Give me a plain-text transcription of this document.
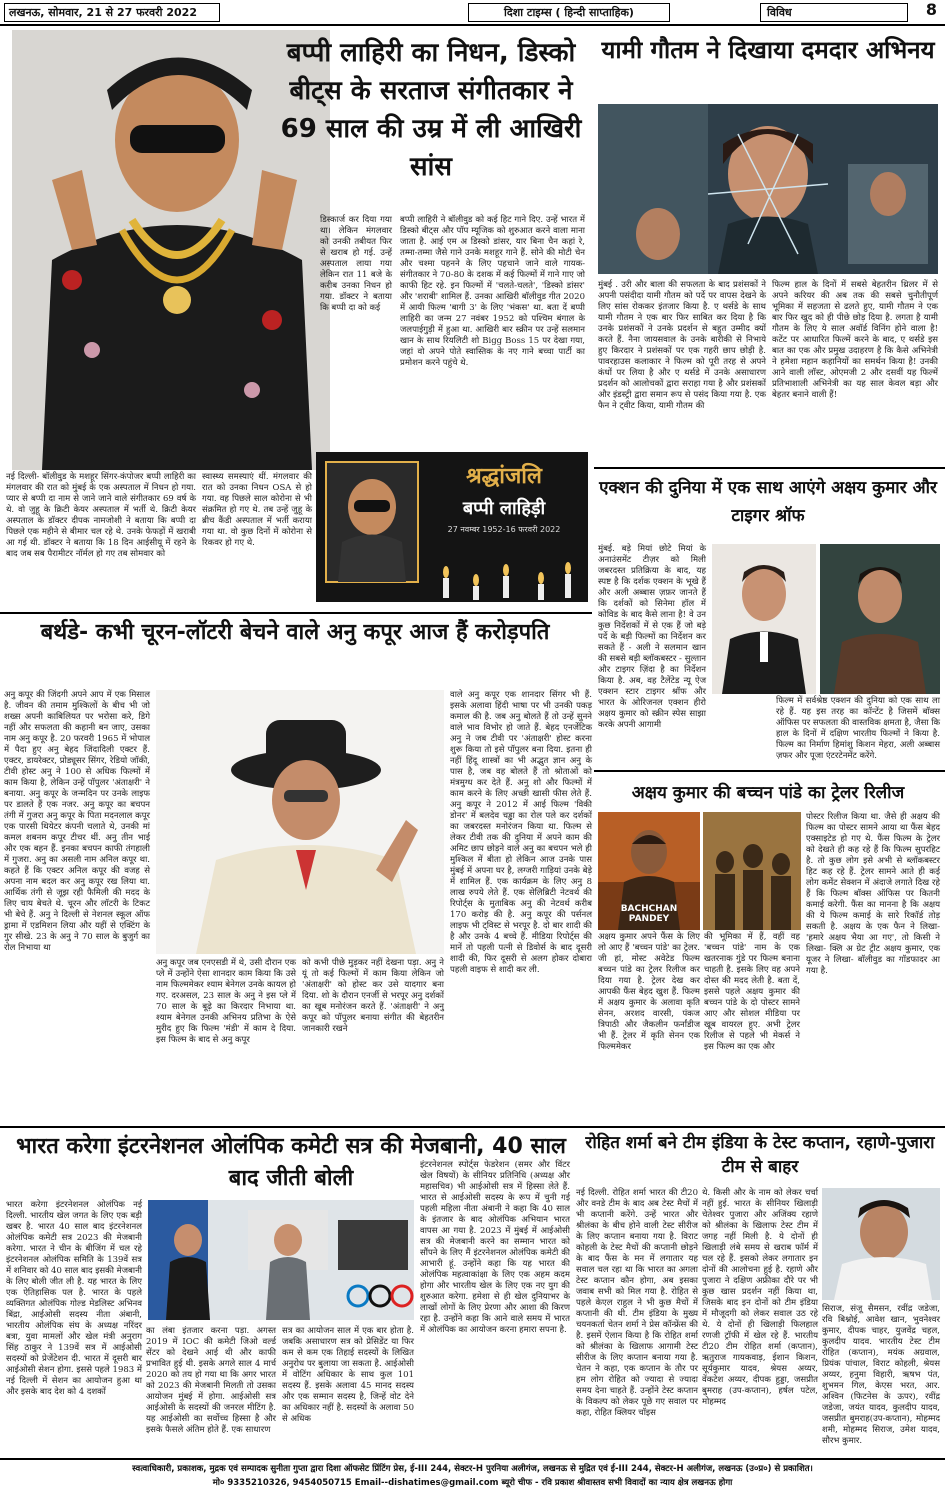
लखनऊ, सोमवार, 21 से 27 फरवरी 2022	दिशा टाइम्स ( हिन्दी साप्ताहिक)	विविध	8
बप्पी लाहिरी का निधन, डिस्को बीट्स के सरताज संगीतकार ने 69 साल की उम्र में ली आखिरी सांस
डिस्कार्ज कर दिया गया था। लेकिन मंगलवार को उनकी तबीयत फिर से खराब हो गई. उन्हें अस्पताल लाया गया लेकिन रात 11 बजे के करीब उनका निधन हो गया. डॉक्टर ने बताया कि बप्पी दा को कई
बप्पी लाहिरी ने बॉलीवुड को कई हिट गाने दिए. उन्हें भारत में डिस्को बीट्स और पॉप म्यूजिक को शुरुआत करने वाला माना जाता है. आई एम अ डिस्को डांसर, यार बिना चैन कहां रे, तम्मा-तम्मा जैसे गाने उनके मशहूर गाने हैं. सोने की मोटी चेन और चश्मा पहनने के लिए पहचाने जाने वाले गायक-संगीतकार ने 70-80 के दशक में कई फिल्मों में गाने गाए जो काफी हिट रहे. इन फिल्मों में 'चलते-चलते', 'डिस्को डांसर' और 'शराबी' शामिल हैं. उनका आखिरी बॉलीवुड गीत 2020 में आयी फिल्म 'बागी 3' के लिए 'भंकस' था. बता दें बप्पी लाहिरी का जन्म 27 नवंबर 1952 को पश्चिम बंगाल के जलपाईगुड़ी में हुआ था. आखिरी बार स्क्रीन पर उन्हें सलमान खान के साथ रियलिटी शो Bigg Boss 15 पर देखा गया, जहां वो अपने पोते स्वास्तिक के नए गाने बच्चा पार्टी का प्रमोशन करने पहुंचे थे.
श्रद्धांजलि
बप्पी लाहिड़ी
27 नवम्बर 1952-16 फरवरी 2022
नई दिल्ली- बॉलीवुड के मशहूर सिंगर-कंपोजर बप्पी लाहिरी का मंगलवार की रात को मुंबई के एक अस्पताल में निधन हो गया. प्यार से बप्पी दा नाम से जाने जाने वाले संगीतकार 69 वर्ष के थे. वो जुहू के क्रिटी केयर अस्पताल में भर्ती थे. क्रिटी केयर अस्पताल के डॉक्टर दीपक नामजोशी ने बताया कि बप्पी दा पिछले एक महीने से बीमार चल रहे थे. उनके फेफड़ों में खराबी आ गई थी. डॉक्टर ने बताया कि 18 दिन आईसीयू में रहने के बाद जब सब पैरामीटर नॉर्मल हो गए तब सोमवार को
स्वास्थ्य समस्याएं थीं. मंगलवार की रात को उनका निधन OSA से हो गया. वह पिछले साल कोरोना से भी संक्रमित हो गए थे. तब उन्हें जुहू के ब्रीच कैंडी अस्पताल में भर्ती कराया गया था. वो कुछ दिनों में कोरोना से रिकवर हो गए थे.
यामी गौतम ने दिखाया दमदार अभिनय
मुंबई . उरी और बाला की सफलता के बाद प्रशंसकों ने अपनी पसंदीदा यामी गौतम को पर्दे पर वापस देखने के लिए सांस रोककर इंतजार किया है. ए थर्सडे के साथ यामी गौतम ने एक बार फिर साबित कर दिया है कि उनके प्रशंसकों ने उनके प्रदर्शन से बहुत उम्मीद क्यों करते हैं. नैना जायसवाल के उनके बारीकी से निभाये हुए किरदार ने प्रशंसकों पर एक गहरी छाप छोड़ी है. पावरहाउस कलाकार ने फिल्म को पूरी तरह से अपने कंधों पर लिया है और ए थर्सडे में उनके असाधारण प्रदर्शन को आलोचकों द्वारा सराहा गया है और प्रशंसकों और इंडस्ट्री द्वारा समान रूप से पसंद किया गया है. एक फैन ने ट्वीट किया, यामी गौतम की
फिल्म हाल के दिनों में सबसे बेहतरीन थ्रिलर में से अपने करियर की अब तक की सबसे चुनौतीपूर्ण भूमिका में सहजता से ढलते हुए, यामी गौतम ने एक बार फिर खुद को ही पीछे छोड़ दिया है. लगता है यामी गौतम के लिए ये साल अवॉर्ड विनिंग होने वाला है! कटेंट पर आधारित फिल्में करने के बाद, ए थर्सडे इस बात का एक और प्रमुख उदाहरण है कि कैसे अभिनेत्री ने हमेशा महान कहानियों का समर्थन किया है! उनकी आने वाली लॉस्ट, ओएमजी 2 और दसवीं यह फिल्में प्रतिभाशाली अभिनेत्री का यह साल केवल बड़ा और बेहतर बनाने वाली हैं!
एक्शन की दुनिया में एक साथ आएंगे अक्षय कुमार और टाइगर श्रॉफ
मुंबई. बड़े मियां छोटे मियां के अनाउंसमेंट टीज़र को मिली जबरदस्त प्रतिक्रिया के बाद, यह स्पष्ट है कि दर्शक एक्शन के भूखे हैं और अली अब्बास ज़फ़र जानते हैं कि दर्शकों को सिनेमा हॉल में कोविड के बाद कैसे लाना है! वे उन कुछ निर्देशकों में से एक हैं जो बड़े पर्दे के बड़ी फिल्मों का निर्देशन कर सकते हैं - अली ने सलमान खान की सबसे बड़ी ब्लॉकबस्टर - सुल्तान और टाइगर ज़िंदा है का निर्देशन किया है. अब, वह टैलेंटेड न्यू ऐज एक्शन स्टार टाइगर श्रॉफ और भारत के ओरिजनल एक्शन हीरो अक्षय कुमार को स्क्रीन स्पेस साझा करके अपनी आगामी
फिल्म में सर्वश्रेष्ठ एक्शन की दुनिया को एक साथ ला रहे हैं. यह इस तरह का कॉन्टेंट है जिसमें बॉक्स ऑफिस पर सफलता की वास्तविक क्षमता है, जैसा कि हाल के दिनों में दक्षिण भारतीय फिल्मों ने किया है. फिल्म का निर्माण हिमांशु किशन मेहरा, अली अब्बास ज़फर और पूजा एंटरटेनमेंट करेंगे.
अक्षय कुमार की बच्चन पांडे का ट्रेलर रिलीज
BACHCHAN PANDEY
अक्षय कुमार अपने फैंस के लिए लो आए हैं 'बच्चन पांडे' का ट्रेलर. जी हां, मोस्ट अवेटेड फिल्म बच्चन पांडे का ट्रेलर रिलीज कर दिया गया है. ट्रेलर देख कर आपकी फैंस बेहद खुश हैं. फिल्म में अक्षय कुमार के अलावा कृति सेनन, अरशद वारसी, पंकज त्रिपाठी और जैकलीन फर्नांडीज भी हैं. ट्रेलर में कृति सेनन एक फिल्ममेकर
की भूमिका में हैं, वहीं वह 'बच्चन पांडे' नाम के एक खतरनाक गुंडे पर फिल्म बनाना चाहती है. इसके लिए वह अपने दोस्त की मदद लेती है. बता दें, इससे पहले अक्षय कुमार की बच्चन पांडे के दो पोस्टर सामने आए और सोशल मीडिया पर खूब वायरल हुए. अभी ट्रेलर रिलीज से पहले भी मेकर्स ने इस फिल्म का एक और
पोस्टर रिलीज किया था. जैसे ही अक्षय की फिल्म का पोस्टर सामने आया था फैंस बेहद एक्साइटेड हो गए थे. फैंस फिल्म के ट्रेलर को देखते ही कह रहे हैं कि फिल्म सुपरहिट है. तो कुछ लोग इसे अभी से ब्लॉकबस्टर हिट कह रहे हैं. ट्रेलर सामने आते ही कई लोग कमेंट सेक्शन में अंदाजे लगाते दिख रहे हैं कि फिल्म बॉक्स ऑफिस पर कितनी कमाई करेगी. फैंस का मानना है कि अक्षय की ये फिल्म कमाई के सारे रिकॉर्ड तोड़ सकती है. अक्षय के एक फैन ने लिखा- 'हमारे अक्षय भैया आ गए', तो किसी ने लिखा- क्लि अ ग्रेट ट्रीट अक्षय कुमार, एक यूजर ने लिखा- बॉलीवुड का गॉडफादर आ गया है.
बर्थडे- कभी चूरन-लॉटरी बेचने वाले अनु कपूर आज हैं करोड़पति
अनु कपूर की जिंदगी अपने आप में एक मिसाल है. जीवन की तमाम मुश्किलों के बीच भी जो शख्स अपनी काबिलियत पर भरोसा करे, डिगे नहीं और सफलता की कहानी बन जाए, उसका नाम अनु कपूर है. 20 फरवरी 1965 में भोपाल में पैदा हुए अनु बेहद जिंदादिली एक्टर हैं. एक्टर, डायरेक्टर, प्रोड्यूसर सिंगर, रेडियो जॉकी, टीवी होस्ट अनु ने 100 से अधिक फिल्मों में काम किया है, लेकिन उन्हें पॉपुलर 'अंताक्षरी' ने बनाया. अनु कपूर के जन्मदिन पर उनके लाइफ पर डालते हैं एक नजर. अनु कपूर का बचपन तंगी में गुजरा अनु कपूर के पिता मदनलाल कपूर एक पारसी थियेटर कंपनी चलाते थे, उनकी मां कमल शबनम कपूर टीचर थीं. अनु तीन भाई और एक बहन हैं. इनका बचपन काफी तंगहाली में गुजरा. अनु का असली नाम अनिल कपूर था. कहते हैं कि एक्टर अनिल कपूर की वजह से अपना नाम बदल कर अनु कपूर रख लिया था. आर्थिक तंगी से जूझ रही फैमिली की मदद के लिए चाय बेचते थे. चूरन और लॉटरी के टिकट भी बेचे हैं. अनु ने दिल्ली से नेशनल स्कूल ऑफ ड्रामा में एडमिशन लिया और यहीं से एक्टिंग के गुर सीखे. 23 के अनु ने 70 साल के बुजुर्ग का रोल निभाया था
वाले अनु कपूर एक शानदार सिंगर भी हैं. इसके अलावा हिंदी भाषा पर भी उनकी पकड़ कमाल की है. जब अनु बोलते हैं तो उन्हें सुनने वाले भाव विभोर हो जाते हैं. बेहद एनर्जेटिक अनु ने जब टीवी पर 'अंताक्षरी' होस्ट करना शुरू किया तो इसे पॉपुलर बना दिया. इतना ही नहीं हिंदू शास्त्रों का भी अद्भुत ज्ञान अनु के पास है, जब वह बोलते हैं तो श्रोताओं को मंत्रमुग्ध कर देते हैं. अनु शो और फिल्मों में काम करने के लिए अच्छी खासी फीस लेते हैं. अनु कपूर ने 2012 में आई फिल्म 'विकी डोनर' में बलदेव चड्ढा का रोल पले कर दर्शकों का जबरदस्त मनोरंजन किया था. फिल्म से लेकर टीवी तक की दुनिया में अपने काम की अमिट छाप छोड़ने वाले अनु का बचपन भले ही मुश्किल में बीता हो लेकिन आज उनके पास मुंबई में अपना घर है, लग्जरी गाड़ियां उनके बेड़े में शामिल हैं. एक कार्यक्रम के लिए अनु 8 लाख रुपये लेते हैं. एक सेलिब्रिटी नेटवर्थ की रिपोर्ट्स के मुताबिक अनु की नेटवर्थ करीब 170 करोड़ की है. अनु कपूर की पर्सनल लाइफ भी ट्विस्ट से भरपूर है. दो बार शादी की है और उनके 4 बच्चे हैं. मीडिया रिपोर्ट्स की मानें तो पहली पत्नी से डिवोर्स के बाद दूसरी शादी की, फिर दूसरी से अलग होकर दोबारा पहली वाइफ से शादी कर ली.
अनु कपूर जब एनएसडी में थे, उसी दौरान एक प्ले में उन्होंने ऐसा शानदार काम किया कि उसे नाम फिल्ममेकर श्याम बेनेगल उनके कायल हो गए. दरअसल, 23 साल के अनु ने इस प्ले में 70 साल के बूढ़े का किरदार निभाया था. श्याम बेनेगल उनकी अभिनय प्रतिभा के ऐसे मुरीद हुए कि फिल्म 'मंडी' में काम दे दिया. इस फिल्म के बाद से अनु कपूर
को कभी पीछे मुड़कर नहीं देखना पड़ा. अनु ने यूं तो कई फिल्मों में काम किया लेकिन जो 'अंताक्षरी' को होस्ट कर उसे यादगार बना दिया. शो के दौरान एनर्जी से भरपूर अनु दर्शकों का खूब मनोरंजन करते हैं. 'अंताक्षरी' ने अनु कपूर को पॉपुलर बनाया संगीत की बेहतरीन जानकारी रखने
भारत करेगा इंटरनेशनल ओलंपिक कमेटी सत्र की मेजबानी, 40 साल बाद जीती बोली
भारत करेगा इंटरनेशनल ओलंपिक नई दिल्ली. भारतीय खेल जगत के लिए एक बड़ी खबर है. भारत 40 साल बाद इंटरनेशनल ओलंपिक कमेटी सत्र 2023 की मेजबानी करेगा. भारत ने चीन के बीजिंग में चल रहे इंटरनेशनल ओलंपिक समिति के 139वें सत्र में शनिवार को 40 साल बाद इसकी मेजबानी के लिए बोली जीत ली है. यह भारत के लिए एक ऐतिहासिक पल है. भारत के पहले व्यक्तिगत ओलंपिक गोल्ड मेडलिस्ट अभिनव बिंद्रा, आईओसी सदस्य नीता अंबानी, भारतीय ओलंपिक संघ के अध्यक्ष नरिंदर बत्रा, युवा मामलों और खेल मंत्री अनुराग सिंह ठाकुर ने 139वें सत्र में आईओसी सदस्यों को प्रेजेंटेशन दी. भारत में दूसरी बार आईओसी सेशन होगा. इससे पहले 1983 में नई दिल्ली में सेशन का आयोजन हुआ था और इसके बाद देश को 4 दशकों
का लंबा इंतजार करना पड़ा. अगस्त 2019 में IOC की कमेटी जिओ वर्ल्ड सेंटर को देखने आई थी और काफी प्रभावित हुई थी. इसके अगले साल 4 मार्च 2020 को तय हो गया था कि अगर भारत को 2023 की मेजबानी मिलती तो उसका आयोजन मुंबई में होगा. आईओसी सत्र आईओसी के सदस्यों की जनरल मीटिंग है. यह आईओसी का सर्वोच्च हिस्सा है और इसके फैसले अंतिम होते हैं. एक साधारण
सत्र का आयोजन साल में एक बार होता है. जबकि असाधारण सत्र को प्रेसिडेंट या फिर कम से कम एक तिहाई सदस्यों के लिखित अनुरोध पर बुलाया जा सकता है. आईओसी में वोटिंग अधिकार के साथ कुल 101 सदस्य हैं. इसके अलावा 45 मानद सदस्य और एक सम्मान सदस्य है, जिन्हें वोट देने का अधिकार नहीं है. सदस्यों के अलावा 50 से अधिक
इंटरनेशनल स्पोर्ट्स फेडरेशन (समर और विंटर खेल विषयों) के सीनियर प्रतिनिधि (अध्यक्ष और महासचिव) भी आईओसी सत्र में हिस्सा लेते हैं. भारत से आईओसी सदस्य के रूप में चुनी गई पहली महिला नीता अंबानी ने कहा कि 40 साल के इंतजार के बाद ओलंपिक अभियान भारत वापस आ गया है. 2023 में मुंबई में आईओसी सत्र की मेजबानी करने का सम्मान भारत को सौंपने के लिए मैं इंटरनेशनल ओलंपिक कमेटी की आभारी हूं. उन्होंने कहा कि यह भारत की ओलंपिक महत्वाकांक्षा के लिए एक अहम कदम होगा और भारतीय खेल के लिए एक नए युग की शुरुआत करेगा. हमेशा से ही खेल दुनियाभर के लाखों लोगों के लिए प्रेरणा और आशा की किरण रहा है. उन्होंने कहा कि आने वाले समय में भारत में ओलंपिक का आयोजन करना हमारा सपना है.
रोहित शर्मा बने टीम इंडिया के टेस्ट कप्तान, रहाणे-पुजारा टीम से बाहर
नई दिल्ली. रोहित शर्मा भारत की टी20 और वनडे टीम के बाद अब टेस्ट मैचों में भी कप्तानी करेंगे. उन्हें भारत और श्रीलंका के बीच होने वाली टेस्ट सीरीज के लिए कप्तान बनाया गया है. विराट कोहली के टेस्ट मैचों की कप्तानी छोड़ने के बाद फैंस के मन में लगातार यह सवाल चल रहा था कि भारत का अगला टेस्ट कप्तान कौन होगा, अब इसका जवाब सभी को मिल गया है. रोहित से पहले केएल राहुल ने भी कुछ मैचों में कप्तानी की थी. टीम इंडिया के मुख्य चयनकर्ता चेतन शर्मा ने प्रेस कॉन्फ्रेंस की है. इसमें ऐलान किया है कि रोहित शर्मा को श्रीलंका के खिलाफ आगामी टेस्ट सीरीज के लिए कप्तान बनाया गया है. चेतन ने कहा, एक कप्तान के तौर पर हम लोग रोहित को ज्यादा से ज्यादा समय देना चाहते हैं. उन्होंने टेस्ट कप्तान के विकल्प को लेकर पूछे गए सवाल पर कहा, रोहित क्लियर चॉइस
थे. किसी और के नाम को लेकर चर्चा नहीं हुई. भारत के सीनियर खिलाड़ी चेतेश्वर पुजारा और अजिंक्य रहाणे को श्रीलंका के खिलाफ टेस्ट टीम में जगह नहीं मिली है. ये दोनों ही खिलाड़ी लंबे समय से खराब फॉर्म में चल रहे हैं. इसको लेकर लगातार इन दोनों की आलोचना हुई है. रहाणे और पुजारा ने दक्षिण अफ्रीका दौरे पर भी कुछ खास प्रदर्शन नहीं किया था, जिसके बाद इन दोनों को टीम इंडिया में मौजूदगी को लेकर सवाल उठ रहे थे. ये दोनों ही खिलाड़ी फिलहाल रणजी ट्रॉफी में खेल रहे हैं. भारतीय टी20 टीम रोहित शर्मा (कप्तान), ऋतुराज गायकवाड़, ईशान किशन, सूर्यकुमार यादव, श्रेयस अय्यर, वेंकटेश अय्यर, दीपक हुड्डा, जसप्रीत बुमराह (उप-कप्तान), हर्षल पटेल, मोहम्मद
सिराज, संजू सैमसन, रवींद्र जडेजा, रवि बिश्नोई, आवेश खान, भुवनेश्वर कुमार, दीपक चाहर, युजवेंद्र चहल, कुलदीप यादव. भारतीय टेस्ट टीम रोहित (कप्तान), मयंक अग्रवाल, प्रियंक पांचाल, विराट कोहली, श्रेयस अय्यर, हनुमा विहारी, ऋषभ पंत, शुभमन गिल, केएस भरत, आर. अश्विन (फिटनेस के ऊपर), रवींद्र जडेजा, जयंत यादव, कुलदीप यादव, जसप्रीत बुमराह(उप-कप्तान), मोहम्मद शमी, मोहम्मद सिराज, उमेश यादव, सौरभ कुमार.
स्वत्वाधिकारी, प्रकाशक, मुद्रक एवं सम्पादक सुनीता गुप्ता द्वारा दिशा ऑफसेट प्रिंटिंग प्रेस, ई-III 244, सेक्टर-H पुरनिया अलीगंज, लखनऊ से मुद्रित एवं ई-III 244, सेक्टर-H अलीगंज, लखनऊ (उ०प्र०) से प्रकाशित।
मो० 9335210326, 9454050715 Email--dishatimes@gmail.com ब्यूरो चीफ - रवि प्रकाश श्रीवास्तव सभी विवादों का न्याय क्षेत्र लखनऊ होगा
